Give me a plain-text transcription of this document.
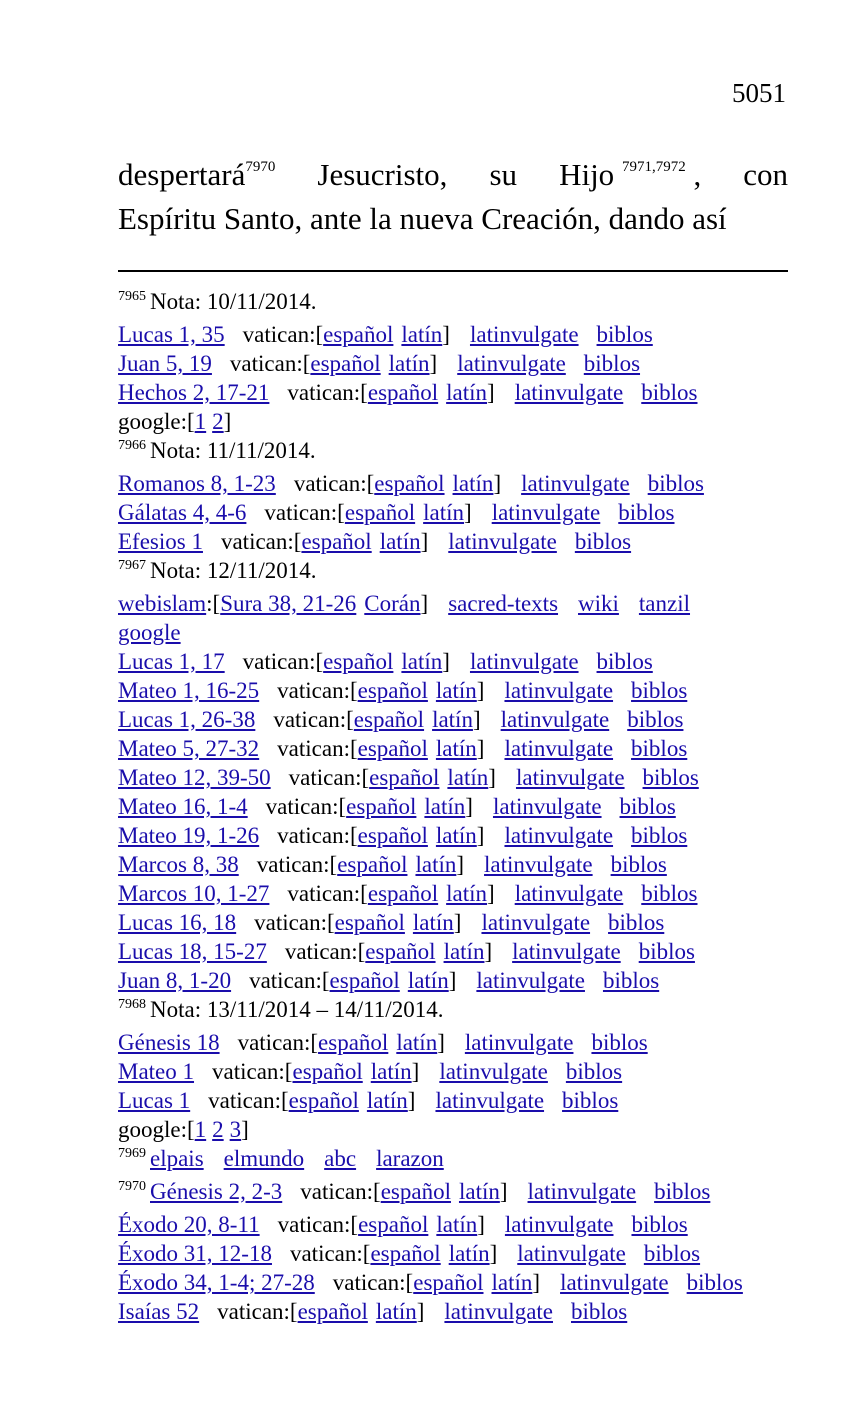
5051
despertará$^{7970}$ Jesucristo, su Hijo $^{7971,7972}$ , con
Espíritu Santo, ante la nueva Creación, dando así
$^{7965}$ Nota: 10/11/2014.
Lucas 1, 35 vatican:[español latín] latinvulgate biblos
Juan 5, 19 vatican:[español latín] latinvulgate biblos
Hechos 2, 17-21 vatican:[español latín] latinvulgate biblos
google:[1 2]
$^{7966}$ Nota: 11/11/2014.
Romanos 8, 1-23 vatican:[español latín] latinvulgate biblos
Gálatas 4, 4-6 vatican:[español latín] latinvulgate biblos
Efesios 1 vatican:[español latín] latinvulgate biblos
$^{7967}$ Nota: 12/11/2014.
webislam:[Sura 38, 21-26 Corán] sacred-texts wiki tanzil
google
Lucas 1, 17 vatican:[español latín] latinvulgate biblos
Mateo 1, 16-25 vatican:[español latín] latinvulgate biblos
Lucas 1, 26-38 vatican:[español latín] latinvulgate biblos
Mateo 5, 27-32 vatican:[español latín] latinvulgate biblos
Mateo 12, 39-50 vatican:[español latín] latinvulgate biblos
Mateo 16, 1-4 vatican:[español latín] latinvulgate biblos
Mateo 19, 1-26 vatican:[español latín] latinvulgate biblos
Marcos 8, 38 vatican:[español latín] latinvulgate biblos
Marcos 10, 1-27 vatican:[español latín] latinvulgate biblos
Lucas 16, 18 vatican:[español latín] latinvulgate biblos
Lucas 18, 15-27 vatican:[español latín] latinvulgate biblos
Juan 8, 1-20 vatican:[español latín] latinvulgate biblos
$^{7968}$ Nota: 13/11/2014 – 14/11/2014.
Génesis 18 vatican:[español latín] latinvulgate biblos
Mateo 1 vatican:[español latín] latinvulgate biblos
Lucas 1 vatican:[español latín] latinvulgate biblos
google:[1 2 3]
$^{7969}$ elpais elmundo abc larazon
$^{7970}$ Génesis 2, 2-3 vatican:[español latín] latinvulgate biblos
Éxodo 20, 8-11 vatican:[español latín] latinvulgate biblos
Éxodo 31, 12-18 vatican:[español latín] latinvulgate biblos
Éxodo 34, 1-4; 27-28 vatican:[español latín] latinvulgate biblos
Isaías 52 vatican:[español latín] latinvulgate biblos
